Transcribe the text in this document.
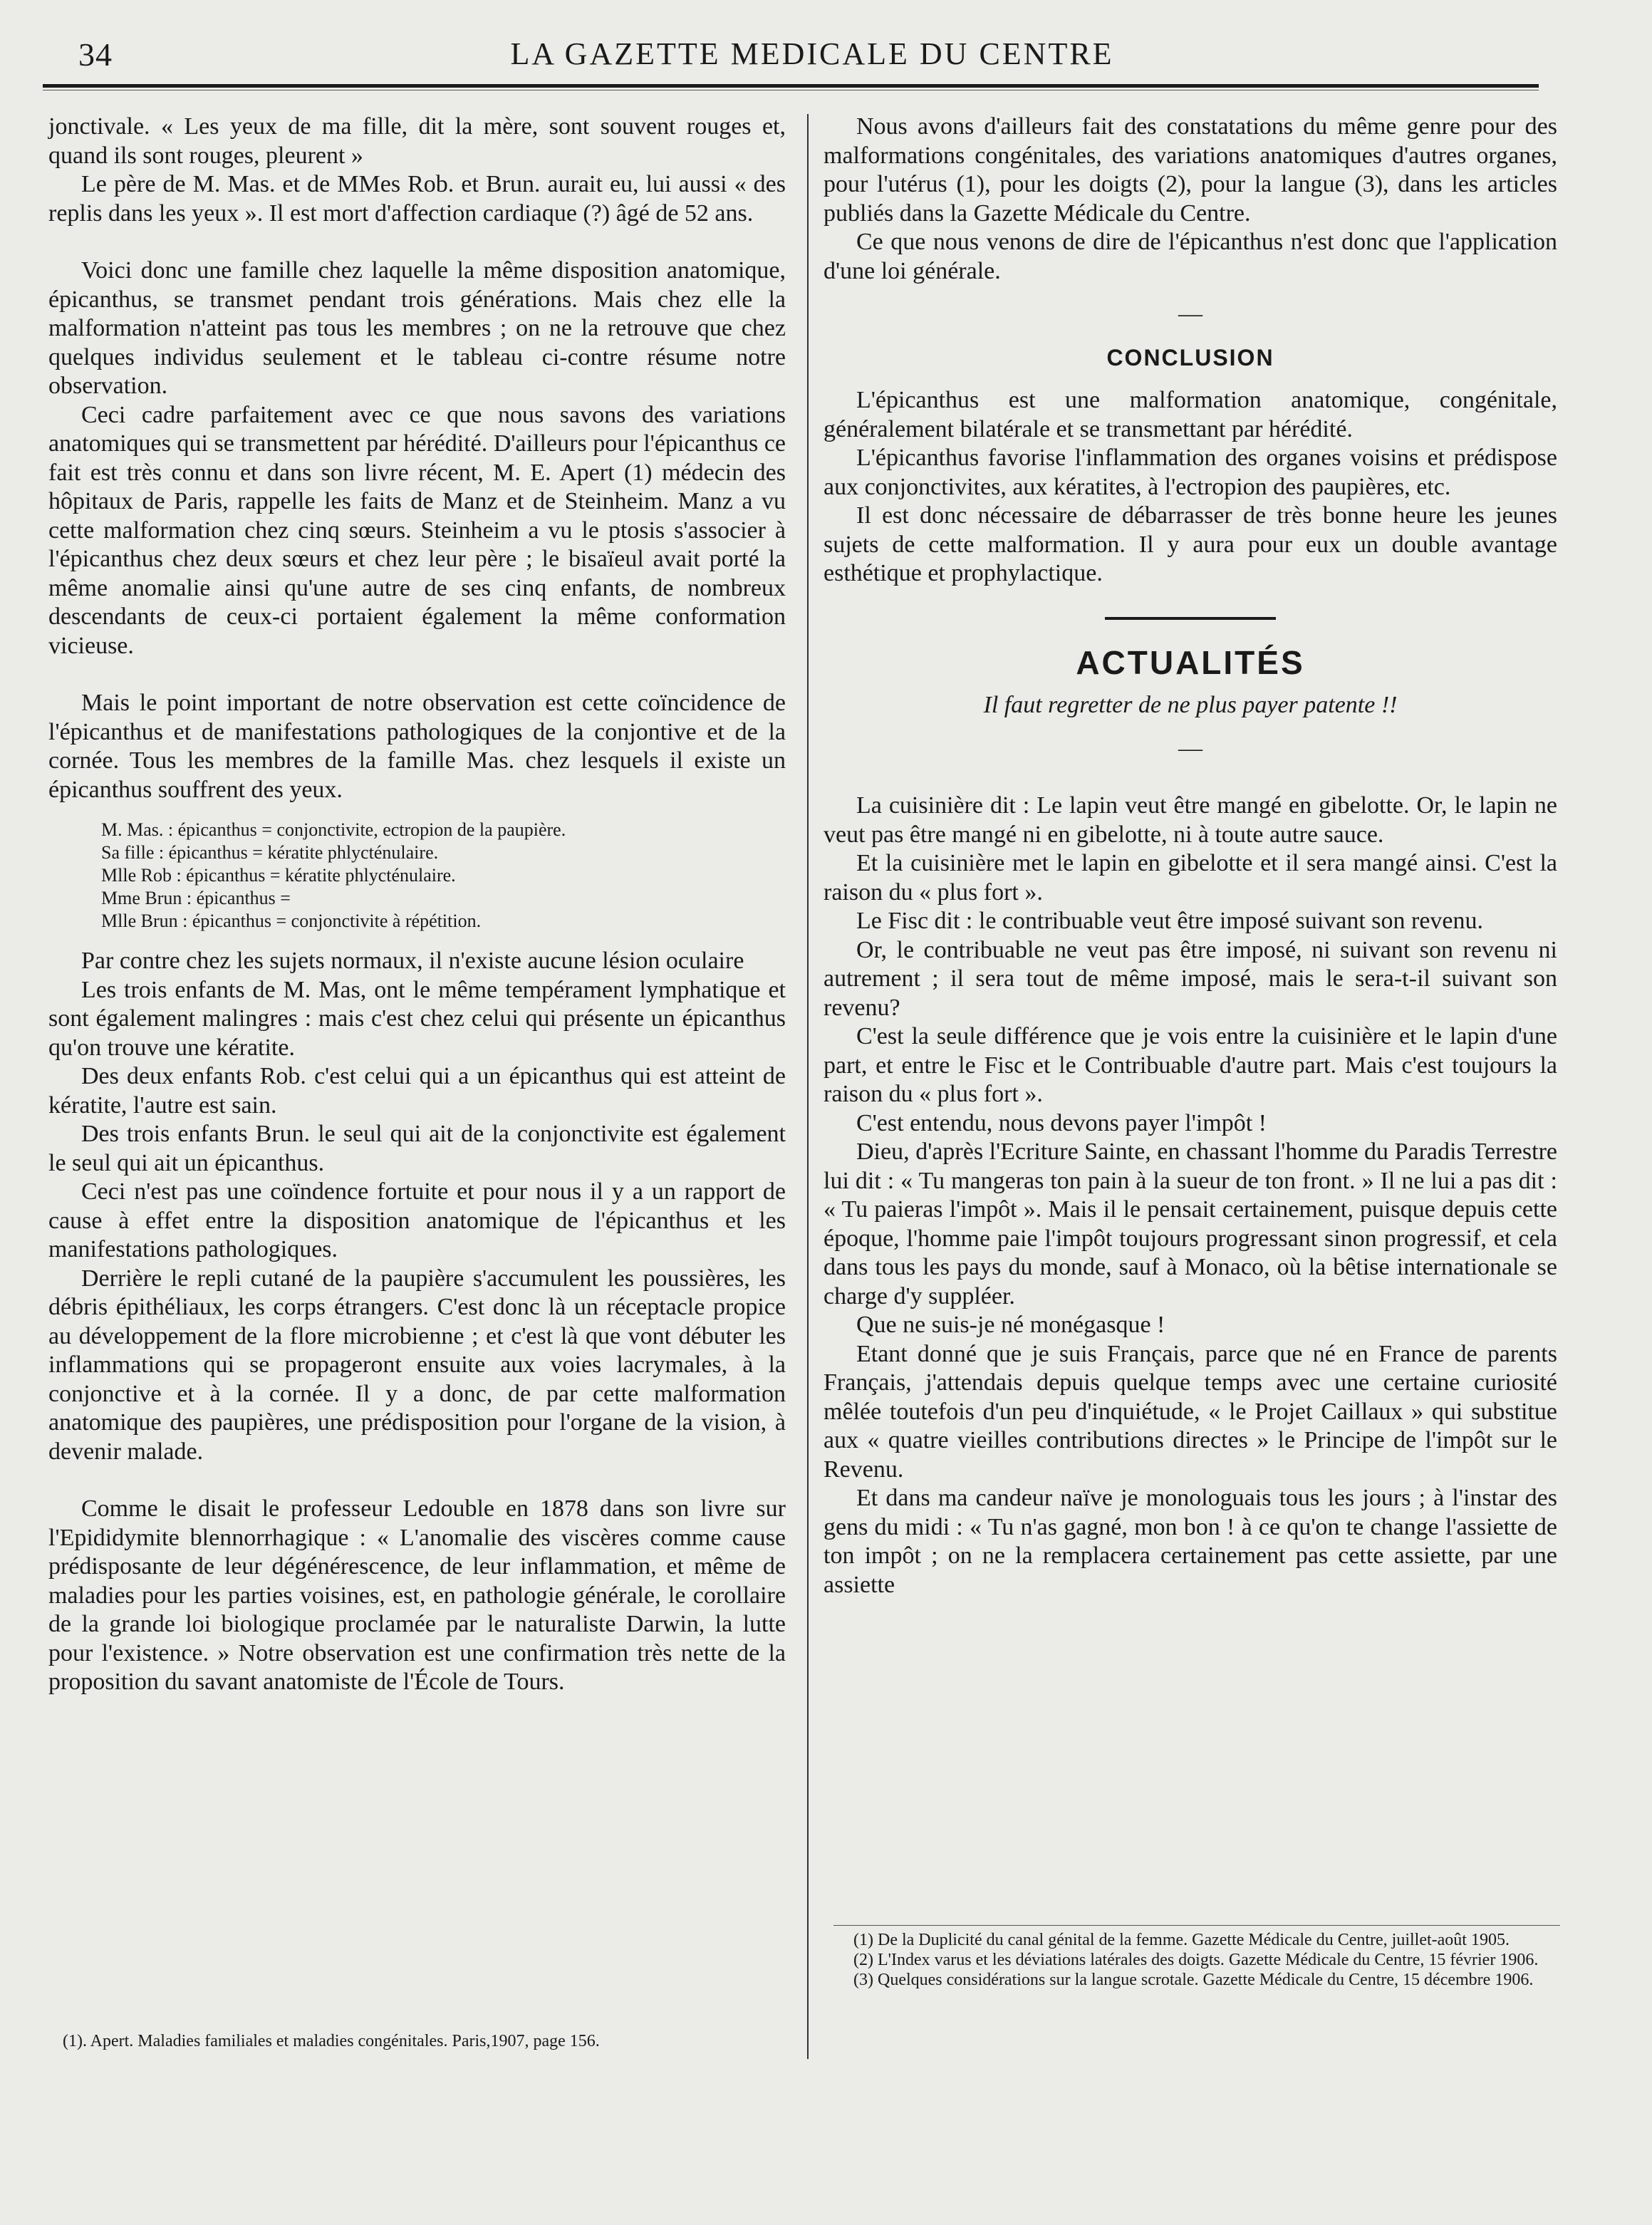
34	LA GAZETTE MEDICALE DU CENTRE

jonctivale. « Les yeux de ma fille, dit la mère, sont souvent rouges et, quand ils sont rouges, pleurent »

Le père de M. Mas. et de MMes Rob. et Brun. aurait eu, lui aussi « des replis dans les yeux ». Il est mort d'affection cardiaque (?) âgé de 52 ans.

Voici donc une famille chez laquelle la même disposition anatomique, épicanthus, se transmet pendant trois générations. Mais chez elle la malformation n'atteint pas tous les membres ; on ne la retrouve que chez quelques individus seulement et le tableau ci-contre résume notre observation.

Ceci cadre parfaitement avec ce que nous savons des variations anatomiques qui se transmettent par hérédité. D'ailleurs pour l'épicanthus ce fait est très connu et dans son livre récent, M. E. Apert (1) médecin des hôpitaux de Paris, rappelle les faits de Manz et de Steinheim. Manz a vu cette malformation chez cinq sœurs. Steinheim a vu le ptosis s'associer à l'épicanthus chez deux sœurs et chez leur père ; le bisaïeul avait porté la même anomalie ainsi qu'une autre de ses cinq enfants, de nombreux descendants de ceux-ci portaient également la même conformation vicieuse.

Mais le point important de notre observation est cette coïncidence de l'épicanthus et de manifestations pathologiques de la conjontive et de la cornée. Tous les membres de la famille Mas. chez lesquels il existe un épicanthus souffrent des yeux.

M. Mas. : épicanthus = conjonctivite, ectropion de la paupière.
Sa fille : épicanthus = kératite phlycténulaire.
Mlle Rob : épicanthus = kératite phlycténulaire.
Mme Brun : épicanthus =
Mlle Brun : épicanthus = conjonctivite à répétition.

Par contre chez les sujets normaux, il n'existe aucune lésion oculaire

Les trois enfants de M. Mas, ont le même tempérament lymphatique et sont également malingres : mais c'est chez celui qui présente un épicanthus qu'on trouve une kératite.

Des deux enfants Rob. c'est celui qui a un épicanthus qui est atteint de kératite, l'autre est sain.

Des trois enfants Brun. le seul qui ait de la conjonctivite est également le seul qui ait un épicanthus.

Ceci n'est pas une coïndence fortuite et pour nous il y a un rapport de cause à effet entre la disposition anatomique de l'épicanthus et les manifestations pathologiques.

Derrière le repli cutané de la paupière s'accumulent les poussières, les débris épithéliaux, les corps étrangers. C'est donc là un réceptacle propice au développement de la flore microbienne ; et c'est là que vont débuter les inflammations qui se propageront ensuite aux voies lacrymales, à la conjonctive et à la cornée. Il y a donc, de par cette malformation anatomique des paupières, une prédisposition pour l'organe de la vision, à devenir malade.

Comme le disait le professeur Ledouble en 1878 dans son livre sur l'Epididymite blennorrhagique : « L'anomalie des viscères comme cause prédisposante de leur dégénérescence, de leur inflammation, et même de maladies pour les parties voisines, est, en pathologie générale, le corollaire de la grande loi biologique proclamée par le naturaliste Darwin, la lutte pour l'existence. » Notre observation est une confirmation très nette de la proposition du savant anatomiste de l'École de Tours.

(1). Apert. Maladies familiales et maladies congénitales. Paris,1907, page 156.

Nous avons d'ailleurs fait des constatations du même genre pour des malformations congénitales, des variations anatomiques d'autres organes, pour l'utérus (1), pour les doigts (2), pour la langue (3), dans les articles publiés dans la Gazette Médicale du Centre.

Ce que nous venons de dire de l'épicanthus n'est donc que l'application d'une loi générale.

—
CONCLUSION

L'épicanthus est une malformation anatomique, congénitale, généralement bilatérale et se transmettant par hérédité.

L'épicanthus favorise l'inflammation des organes voisins et prédispose aux conjonctivites, aux kératites, à l'ectropion des paupières, etc.

Il est donc nécessaire de débarrasser de très bonne heure les jeunes sujets de cette malformation. Il y aura pour eux un double avantage esthétique et prophylactique.

ACTUALITÉS
Il faut regretter de ne plus payer patente !!
—

La cuisinière dit : Le lapin veut être mangé en gibelotte. Or, le lapin ne veut pas être mangé ni en gibelotte, ni à toute autre sauce.

Et la cuisinière met le lapin en gibelotte et il sera mangé ainsi. C'est la raison du « plus fort ».

Le Fisc dit : le contribuable veut être imposé suivant son revenu.

Or, le contribuable ne veut pas être imposé, ni suivant son revenu ni autrement ; il sera tout de même imposé, mais le sera-t-il suivant son revenu?

C'est la seule différence que je vois entre la cuisinière et le lapin d'une part, et entre le Fisc et le Contribuable d'autre part. Mais c'est toujours la raison du « plus fort ».

C'est entendu, nous devons payer l'impôt !

Dieu, d'après l'Ecriture Sainte, en chassant l'homme du Paradis Terrestre lui dit : « Tu mangeras ton pain à la sueur de ton front. » Il ne lui a pas dit : « Tu paieras l'impôt ». Mais il le pensait certainement, puisque depuis cette époque, l'homme paie l'impôt toujours progressant sinon progressif, et cela dans tous les pays du monde, sauf à Monaco, où la bêtise internationale se charge d'y suppléer.

Que ne suis-je né monégasque !

Etant donné que je suis Français, parce que né en France de parents Français, j'attendais depuis quelque temps avec une certaine curiosité mêlée toutefois d'un peu d'inquiétude, « le Projet Caillaux » qui substitue aux « quatre vieilles contributions directes » le Principe de l'impôt sur le Revenu.

Et dans ma candeur naïve je monologuais tous les jours ; à l'instar des gens du midi : « Tu n'as gagné, mon bon ! à ce qu'on te change l'assiette de ton impôt ; on ne la remplacera certainement pas cette assiette, par une assiette

(1) De la Duplicité du canal génital de la femme. Gazette Médicale du Centre, juillet-août 1905.
(2) L'Index varus et les déviations latérales des doigts. Gazette Médicale du Centre, 15 février 1906.
(3) Quelques considérations sur la langue scrotale. Gazette Médicale du Centre, 15 décembre 1906.
